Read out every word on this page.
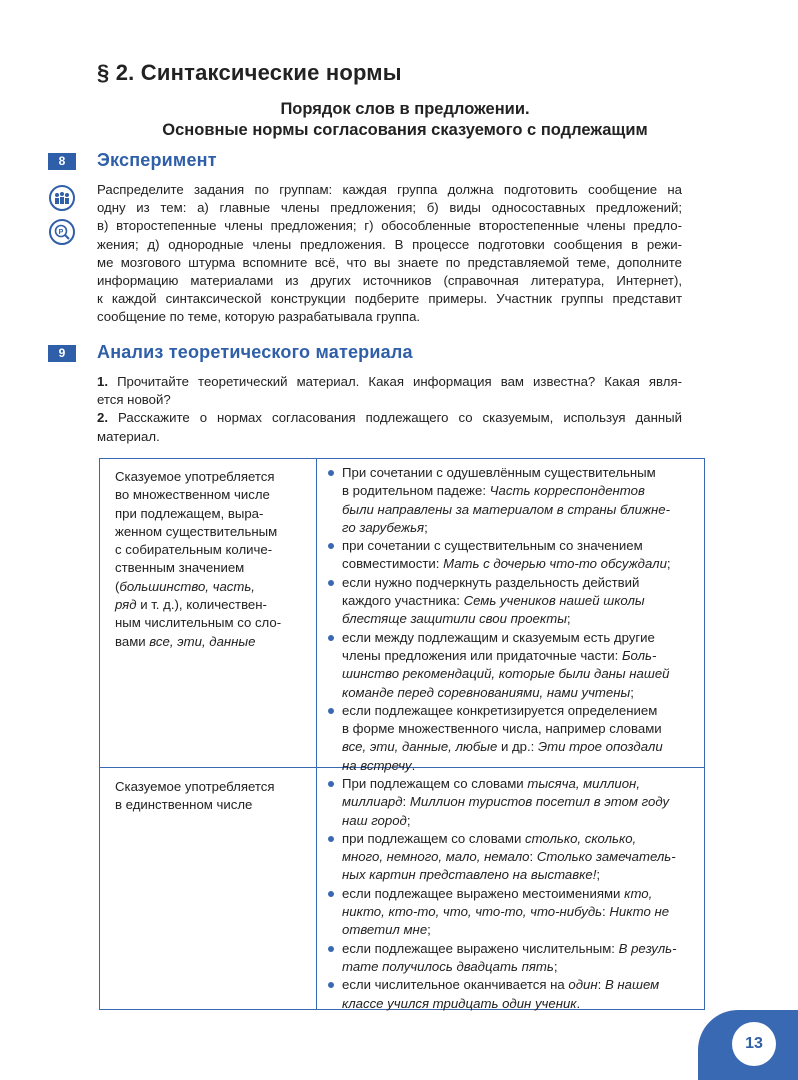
§ 2. Синтаксические нормы
Порядок слов в предложении.
Основные нормы согласования сказуемого с подлежащим
8	Эксперимент
P
Распределите задания по группам: каждая группа должна подготовить сообщение на
одну из тем: а) главные члены предложения; б) виды односоставных предложений;
в) второстепенные члены предложения; г) обособленные второстепенные члены предло-
жения; д) однородные члены предложения. В процессе подготовки сообщения в режи-
ме мозгового штурма вспомните всё, что вы знаете по представляемой теме, дополните
информацию материалами из других источников (справочная литература, Интернет),
к каждой синтаксической конструкции подберите примеры. Участник группы представит
сообщение по теме, которую разрабатывала группа.
9	Анализ теоретического материала
1. Прочитайте теоретический материал. Какая информация вам известна? Какая явля-
ется новой?
2. Расскажите о нормах согласования подлежащего со сказуемым, используя данный
материал.
Сказуемое употребляется
во множественном числе
при подлежащем, выра-
женном существительным
с собирательным количе-
ственным значением
(большинство, часть,
ряд и т. д.), количествен-
ным числительным со сло-
вами все, эти, данные
При сочетании с одушевлённым существительным
в родительном падеже: Часть корреспондентов
были направлены за материалом в страны ближне-
го зарубежья;
при сочетании с существительным со значением
совместимости: Мать с дочерью что-то обсуждали;
если нужно подчеркнуть раздельность действий
каждого участника: Семь учеников нашей школы
блестяще защитили свои проекты;
если между подлежащим и сказуемым есть другие
члены предложения или придаточные части: Боль-
шинство рекомендаций, которые были даны нашей
команде перед соревнованиями, нами учтены;
если подлежащее конкретизируется определением
в форме множественного числа, например словами
все, эти, данные, любые и др.: Эти трое опоздали
на встречу.
Сказуемое употребляется
в единственном числе
При подлежащем со словами тысяча, миллион,
миллиард: Миллион туристов посетил в этом году
наш город;
при подлежащем со словами столько, сколько,
много, немного, мало, немало: Столько замечатель-
ных картин представлено на выставке!;
если подлежащее выражено местоимениями кто,
никто, кто-то, что, что-то, что-нибудь: Никто не
ответил мне;
если подлежащее выражено числительным: В резуль-
тате получилось двадцать пять;
если числительное оканчивается на один: В нашем
классе учился тридцать один ученик.
13
